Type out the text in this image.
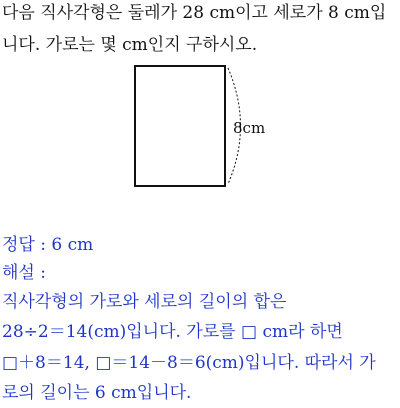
다음 직사각형은 둘레가 28 cm이고 세로가 8 cm입
니다. 가로는 몇 cm인지 구하시오.
8cm
정답 : 6 cm
해설 :
직사각형의 가로와 세로의 길이의 합은
28÷2＝14(cm)입니다. 가로를 □ cm라 하면
□＋8＝14, □＝14－8＝6(cm)입니다. 따라서 가
로의 길이는 6 cm입니다.
